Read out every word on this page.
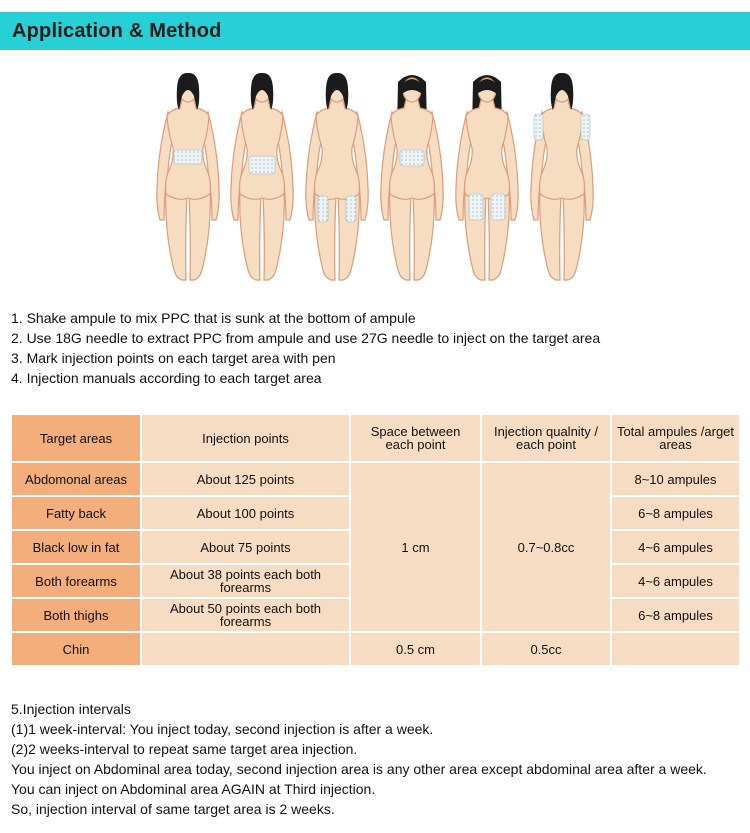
Application & Method
1. Shake ampule to mix PPC that is sunk at the bottom of ampule
2. Use 18G needle to extract PPC from ampule and use 27G needle to inject on the target area
3. Mark injection points on each target area with pen
4. Injection manuals according to each target area
Target areas	Injection points	Space between each point	Injection qualnity / each point	Total ampules /arget areas
Abdomonal areas	About 125 points	1 cm	0.7~0.8cc	8~10 ampules
Fatty back	About 100 points			6~8 ampules
Black low in fat	About 75 points			4~6 ampules
Both forearms	About 38 points each both forearms			4~6 ampules
Both thighs	About 50 points each both forearms			6~8 ampules
Chin		0.5 cm	0.5cc	
5.Injection intervals
(1)1 week-interval: You inject today, second injection is after a week.
(2)2 weeks-interval to repeat same target area injection.
You inject on Abdominal area today, second injection area is any other area except abdominal area after a week.
You can inject on Abdominal area AGAIN at Third injection.
So, injection interval of same target area is 2 weeks.
